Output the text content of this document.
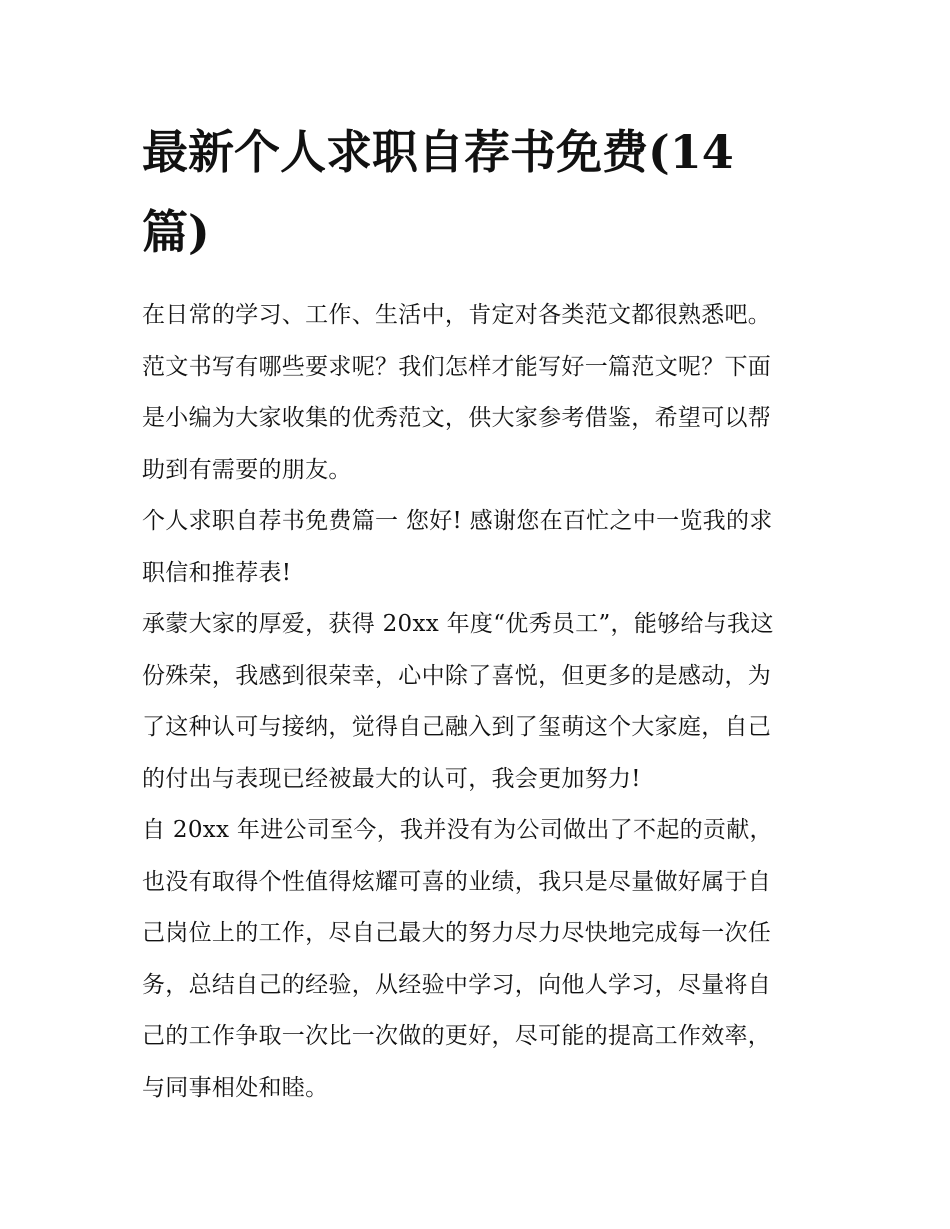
最新个人求职自荐书免费(14
篇)

在日常的学习、工作、生活中，肯定对各类范文都很熟悉吧。
范文书写有哪些要求呢？我们怎样才能写好一篇范文呢？下面
是小编为大家收集的优秀范文，供大家参考借鉴，希望可以帮
助到有需要的朋友。

个人求职自荐书免费篇一 您好! 感谢您在百忙之中一览我的求
职信和推荐表!

承蒙大家的厚爱，获得 20xx 年度“优秀员工”，能够给与我这
份殊荣，我感到很荣幸，心中除了喜悦，但更多的是感动，为
了这种认可与接纳，觉得自己融入到了玺萌这个大家庭，自己
的付出与表现已经被最大的认可，我会更加努力!

自 20xx 年进公司至今，我并没有为公司做出了不起的贡献，
也没有取得个性值得炫耀可喜的业绩，我只是尽量做好属于自
己岗位上的工作，尽自己最大的努力尽力尽快地完成每一次任
务，总结自己的经验，从经验中学习，向他人学习，尽量将自
己的工作争取一次比一次做的更好，尽可能的提高工作效率，
与同事相处和睦。
